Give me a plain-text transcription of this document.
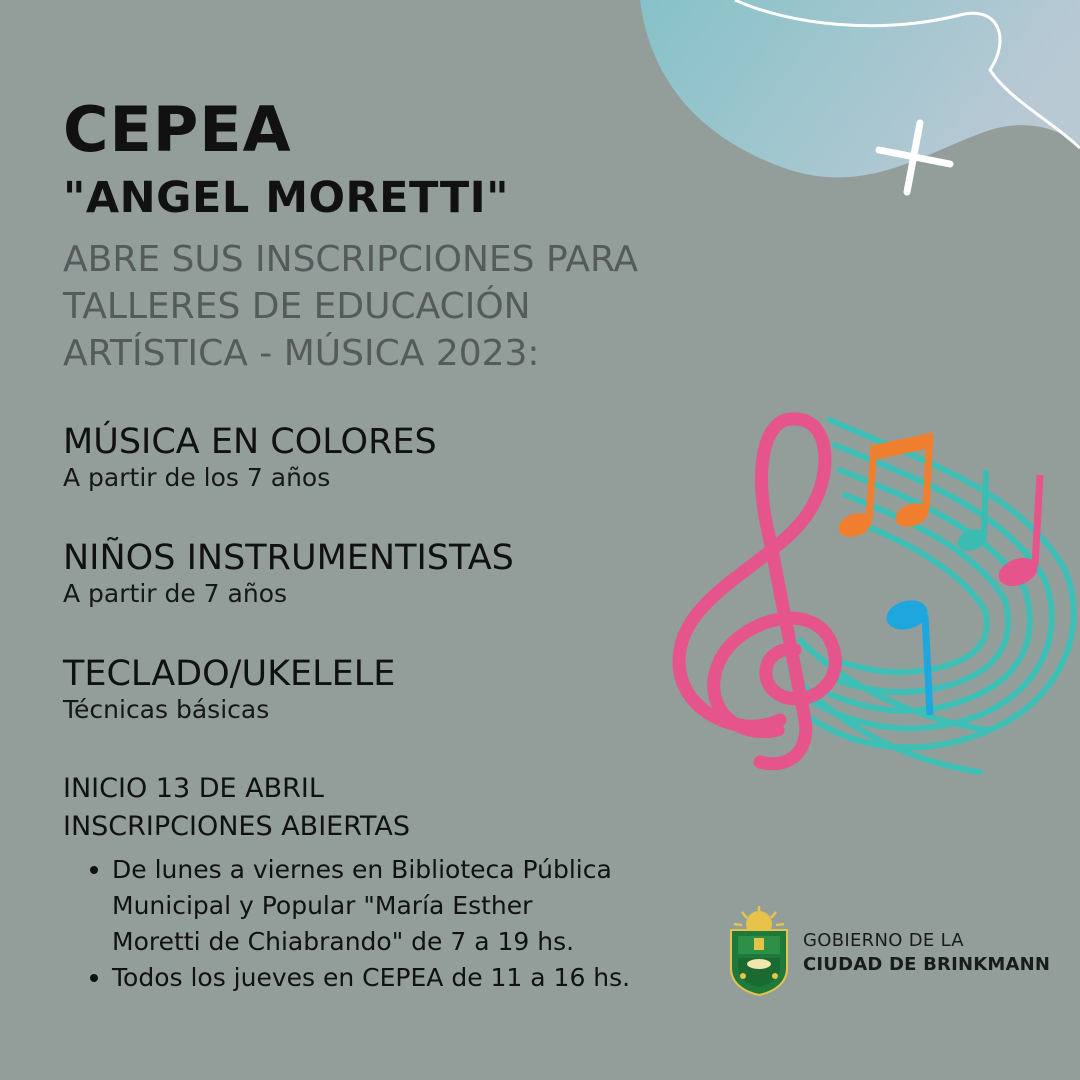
CEPEA
"ANGEL MORETTI"
ABRE SUS INSCRIPCIONES PARA
TALLERES DE EDUCACIÓN
ARTÍSTICA - MÚSICA 2023:
MÚSICA EN COLORES
A partir de los 7 años
NIÑOS INSTRUMENTISTAS
A partir de 7 años
TECLADO/UKELELE
Técnicas básicas
INICIO 13 DE ABRIL
INSCRIPCIONES ABIERTAS
De lunes a viernes en Biblioteca Pública
Municipal y Popular "María Esther
Moretti de Chiabrando" de 7 a 19 hs.
Todos los jueves en CEPEA de 11 a 16 hs.
GOBIERNO DE LA
CIUDAD DE BRINKMANN
